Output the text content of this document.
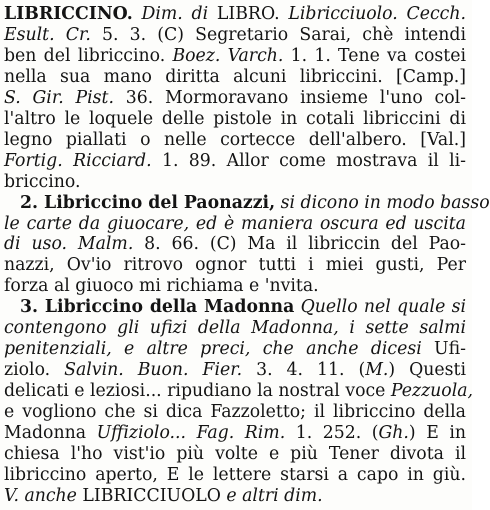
LIBRICCINO. Dim. di LIBRO. Libricciuolo. Cecch.
Esult. Cr. 5. 3. (C) Segretario Sarai, chè intendi
ben del libriccino. Boez. Varch. 1. 1. Tene va costei
nella sua mano diritta alcuni libriccini. [Camp.]
S. Gir. Pist. 36. Mormoravano insieme l'uno col-
l'altro le loquele delle pistole in cotali libriccini di
legno piallati o nelle cortecce dell'albero. [Val.]
Fortig. Ricciard. 1. 89. Allor come mostrava il li-
briccino.
2. Libriccino del Paonazzi, si dicono in modo basso
le carte da giuocare, ed è maniera oscura ed uscita
di uso. Malm. 8. 66. (C) Ma il libriccin del Pao-
nazzi, Ov'io ritrovo ognor tutti i miei gusti, Per
forza al giuoco mi richiama e 'nvita.
3. Libriccino della Madonna Quello nel quale si
contengono gli ufizi della Madonna, i sette salmi
penitenziali, e altre preci, che anche dicesi Ufi-
ziolo. Salvin. Buon. Fier. 3. 4. 11. (M.) Questi
delicati e leziosi... ripudiano la nostral voce Pezzuola,
e vogliono che si dica Fazzoletto; il libriccino della
Madonna Uffiziolo... Fag. Rim. 1. 252. (Gh.) E in
chiesa l'ho vist'io più volte e più Tener divota il
libriccino aperto, E le lettere starsi a capo in giù.
V. anche LIBRICCIUOLO e altri dim.
